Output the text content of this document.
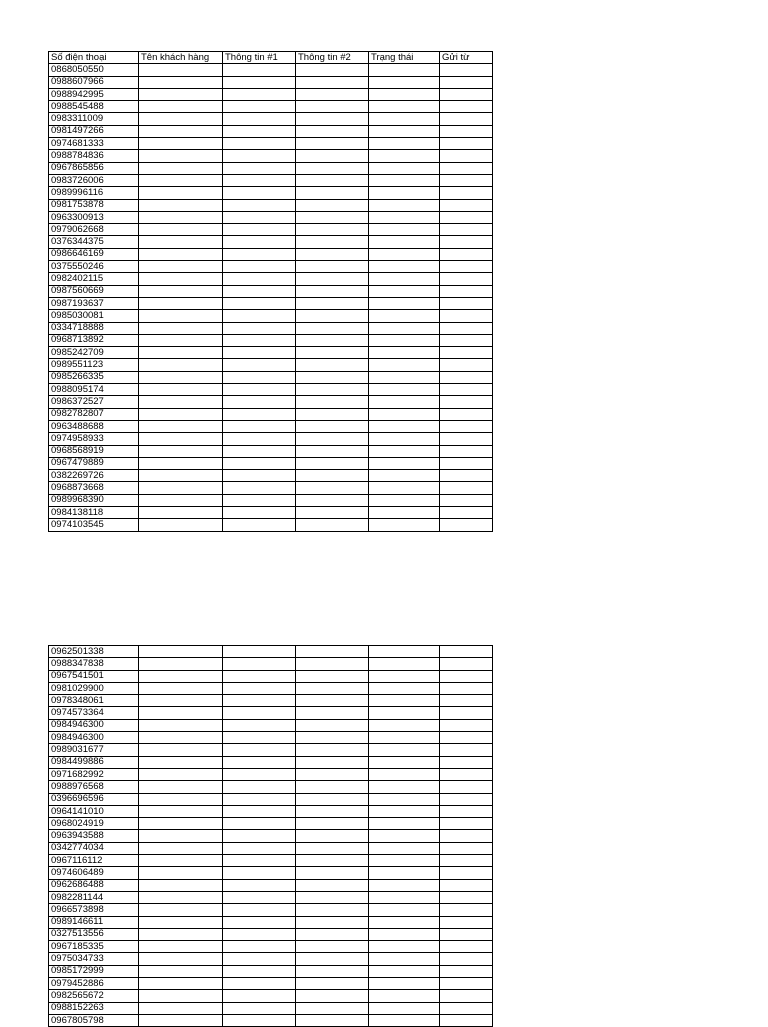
Số điện thoại	Tên khách hàng	Thông tin #1	Thông tin #2	Trạng thái	Gửi từ
0868050550					
0988607966					
0988942995					
0988545488					
0983311009					
0981497266					
0974681333					
0988784836					
0967865856					
0983726006					
0989996116					
0981753878					
0963300913					
0979062668					
0376344375					
0986646169					
0375550246					
0982402115					
0987560669					
0987193637					
0985030081					
0334718888					
0968713892					
0985242709					
0989551123					
0985266335					
0988095174					
0986372527					
0982782807					
0963488688					
0974958933					
0968568919					
0967479889					
0382269726					
0968873668					
0989968390					
0984138118					
0974103545					
0962501338					
0988347838					
0967541501					
0981029900					
0978348061					
0974573364					
0984946300					
0984946300					
0989031677					
0984499886					
0971682992					
0988976568					
0396696596					
0964141010					
0968024919					
0963943588					
0342774034					
0967116112					
0974606489					
0962686488					
0982281144					
0966573898					
0989146611					
0327513556					
0967185335					
0975034733					
0985172999					
0979452886					
0982565672					
0988152263					
0967805798					
